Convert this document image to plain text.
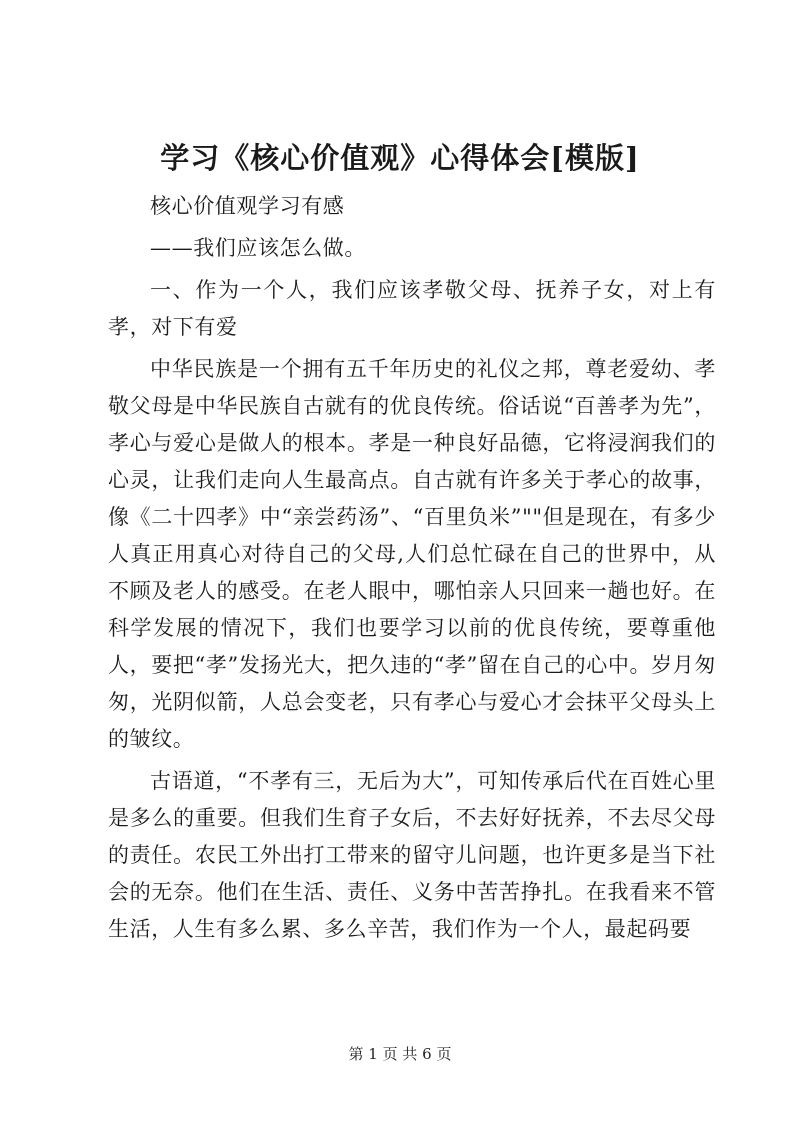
学习《核心价值观》心得体会[模版]

核心价值观学习有感

——我们应该怎么做。

一、作为一个人，我们应该孝敬父母、抚养子女，对上有孝，对下有爱

中华民族是一个拥有五千年历史的礼仪之邦，尊老爱幼、孝敬父母是中华民族自古就有的优良传统。俗话说“百善孝为先”，孝心与爱心是做人的根本。孝是一种良好品德，它将浸润我们的心灵，让我们走向人生最高点。自古就有许多关于孝心的故事，像《二十四孝》中“亲尝药汤”、“百里负米”""但是现在，有多少人真正用真心对待自己的父母,人们总忙碌在自己的世界中，从不顾及老人的感受。在老人眼中，哪怕亲人只回来一趟也好。在科学发展的情况下，我们也要学习以前的优良传统，要尊重他人，要把“孝”发扬光大，把久违的“孝”留在自己的心中。岁月匆匆，光阴似箭，人总会变老，只有孝心与爱心才会抹平父母头上的皱纹。

古语道，“不孝有三，无后为大”，可知传承后代在百姓心里是多么的重要。但我们生育子女后，不去好好抚养，不去尽父母的责任。农民工外出打工带来的留守儿问题，也许更多是当下社会的无奈。他们在生活、责任、义务中苦苦挣扎。在我看来不管生活，人生有多么累、多么辛苦，我们作为一个人，最起码要

第 1 页 共 6 页
